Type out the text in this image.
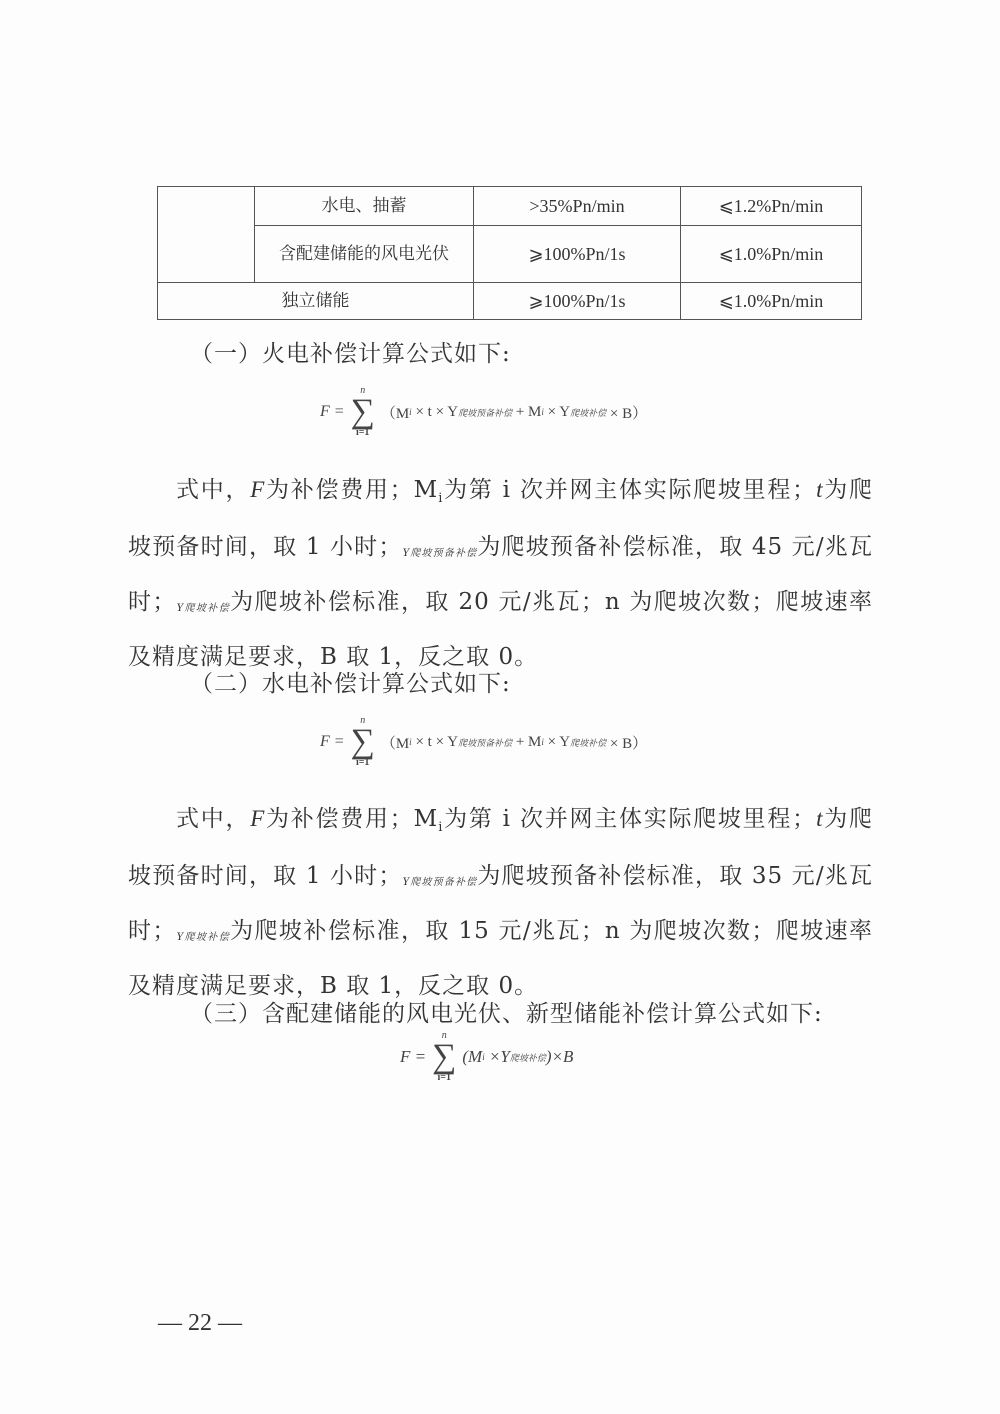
	水电、抽蓄	>35%Pn/min	⩽1.2%Pn/min
	含配建储能的风电光伏	⩾100%Pn/1s	⩽1.0%Pn/min
独立储能		⩾100%Pn/1s	⩽1.0%Pn/min
（一）火电补偿计算公式如下:
F =
n
∑
i=1
（M i
× t × Y 爬坡预备补偿
+ M i
× Y 爬坡补偿
× B）
式中，F为补偿费用；$M_i$为第 i 次并网主体实际爬坡里程；t为爬坡预备时间，取 1 小时；Y爬坡预备补偿为爬坡预备补偿标准，取 45 元/兆瓦时；Y爬坡补偿为爬坡补偿标准，取 20 元/兆瓦；n 为爬坡次数；爬坡速率及精度满足要求，B 取 1，反之取 0。
（二）水电补偿计算公式如下:
F =
n
∑
i=1
（M i
× t × Y 爬坡预备补偿
+ M i
× Y 爬坡补偿
× B）
式中，F为补偿费用；$M_i$为第 i 次并网主体实际爬坡里程；t为爬坡预备时间，取 1 小时；Y爬坡预备补偿为爬坡预备补偿标准，取 35 元/兆瓦时；Y爬坡补偿为爬坡补偿标准，取 15 元/兆瓦；n 为爬坡次数；爬坡速率及精度满足要求，B 取 1，反之取 0。
（三）含配建储能的风电光伏、新型储能补偿计算公式如下:
F =
n
∑
i=1
(M i
×Y 爬坡补偿 )×B
— 22 —
